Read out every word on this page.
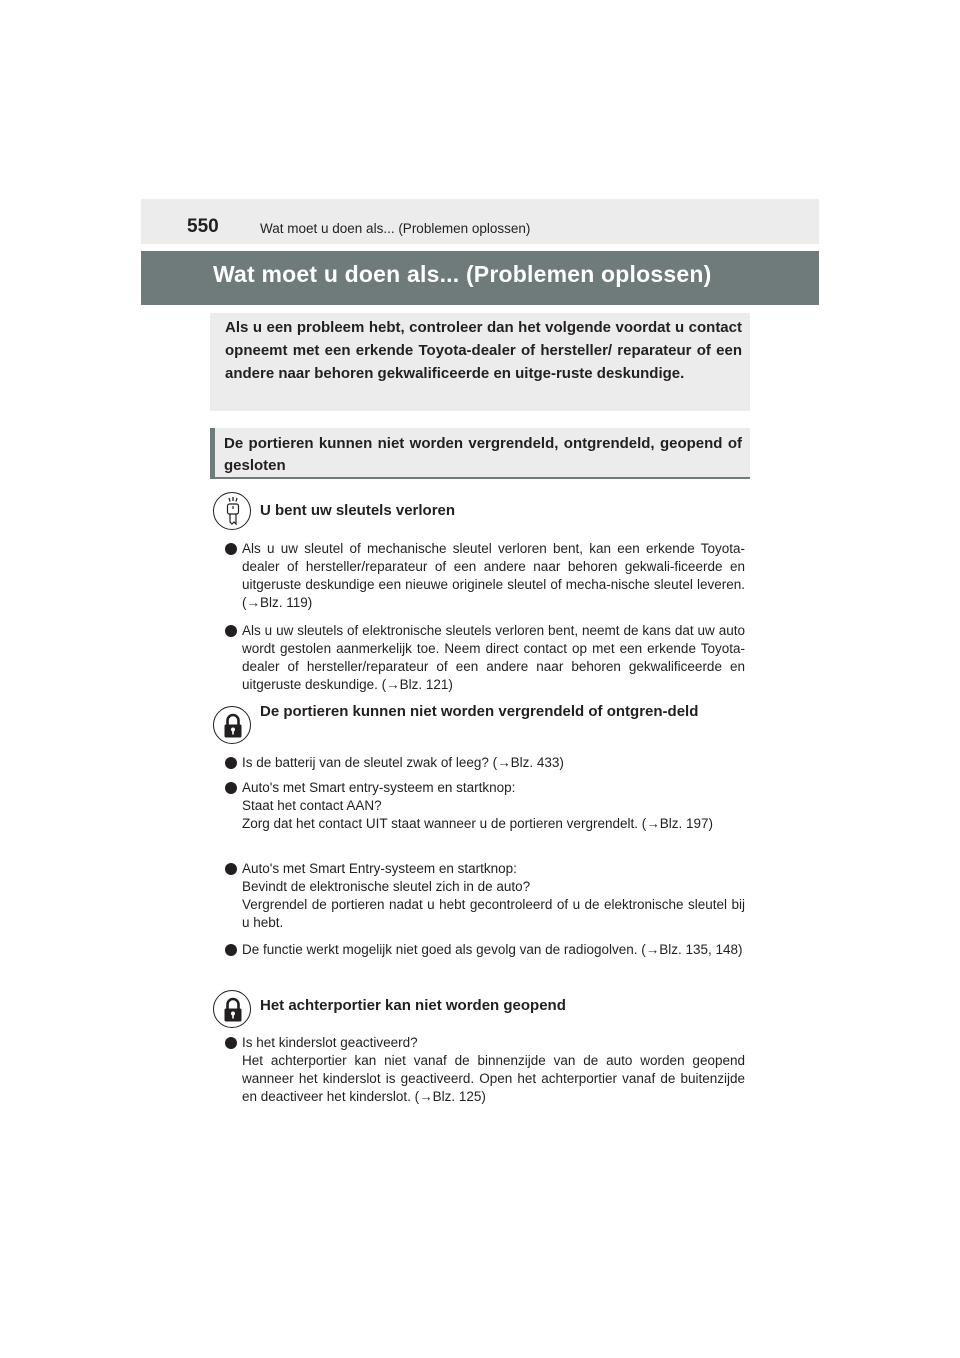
550	Wat moet u doen als... (Problemen oplossen)
Wat moet u doen als... (Problemen oplossen)
Als u een probleem hebt, controleer dan het volgende voordat u contact opneemt met een erkende Toyota-dealer of hersteller/ reparateur of een andere naar behoren gekwalificeerde en uitge-ruste deskundige.
De portieren kunnen niet worden vergrendeld, ontgrendeld, geopend of gesloten
U bent uw sleutels verloren
Als u uw sleutel of mechanische sleutel verloren bent, kan een erkende Toyota-dealer of hersteller/reparateur of een andere naar behoren gekwali-ficeerde en uitgeruste deskundige een nieuwe originele sleutel of mecha-nische sleutel leveren. (→Blz. 119)
Als u uw sleutels of elektronische sleutels verloren bent, neemt de kans dat uw auto wordt gestolen aanmerkelijk toe. Neem direct contact op met een erkende Toyota-dealer of hersteller/reparateur of een andere naar behoren gekwalificeerde en uitgeruste deskundige. (→Blz. 121)
De portieren kunnen niet worden vergrendeld of ontgren-deld
Is de batterij van de sleutel zwak of leeg? (→Blz. 433)
Auto's met Smart entry-systeem en startknop:
Staat het contact AAN?
Zorg dat het contact UIT staat wanneer u de portieren vergrendelt. (→Blz. 197)
Auto's met Smart Entry-systeem en startknop:
Bevindt de elektronische sleutel zich in de auto?
Vergrendel de portieren nadat u hebt gecontroleerd of u de elektronische sleutel bij u hebt.
De functie werkt mogelijk niet goed als gevolg van de radiogolven. (→Blz. 135, 148)
Het achterportier kan niet worden geopend
Is het kinderslot geactiveerd?
Het achterportier kan niet vanaf de binnenzijde van de auto worden geopend wanneer het kinderslot is geactiveerd. Open het achterportier vanaf de buitenzijde en deactiveer het kinderslot. (→Blz. 125)
